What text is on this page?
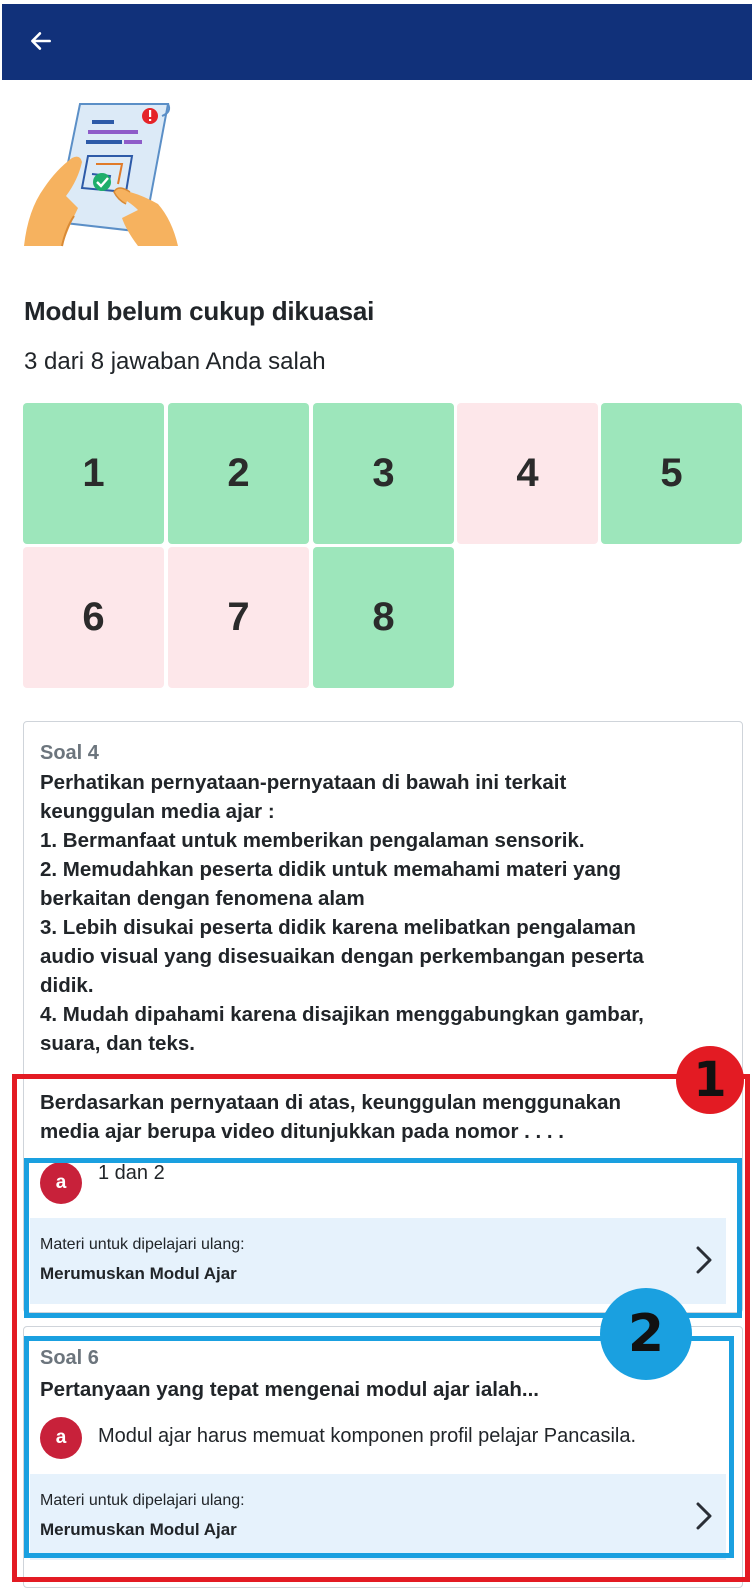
Modul belum cukup dikuasai
3 dari 8 jawaban Anda salah
1	2	3	4	5
6	7	8
Soal 4
Perhatikan pernyataan-pernyataan di bawah ini terkait
keunggulan media ajar :
1. Bermanfaat untuk memberikan pengalaman sensorik.
2. Memudahkan peserta didik untuk memahami materi yang
berkaitan dengan fenomena alam
3. Lebih disukai peserta didik karena melibatkan pengalaman
audio visual yang disesuaikan dengan perkembangan peserta
didik.
4. Mudah dipahami karena disajikan menggabungkan gambar,
suara, dan teks.
Berdasarkan pernyataan di atas, keunggulan menggunakan
media ajar berupa video ditunjukkan pada nomor . . . .
a	1 dan 2
Materi untuk dipelajari ulang:
Merumuskan Modul Ajar
Soal 6
Pertanyaan yang tepat mengenai modul ajar ialah...
a	Modul ajar harus memuat komponen profil pelajar Pancasila.
Materi untuk dipelajari ulang:
Merumuskan Modul Ajar
1
2
